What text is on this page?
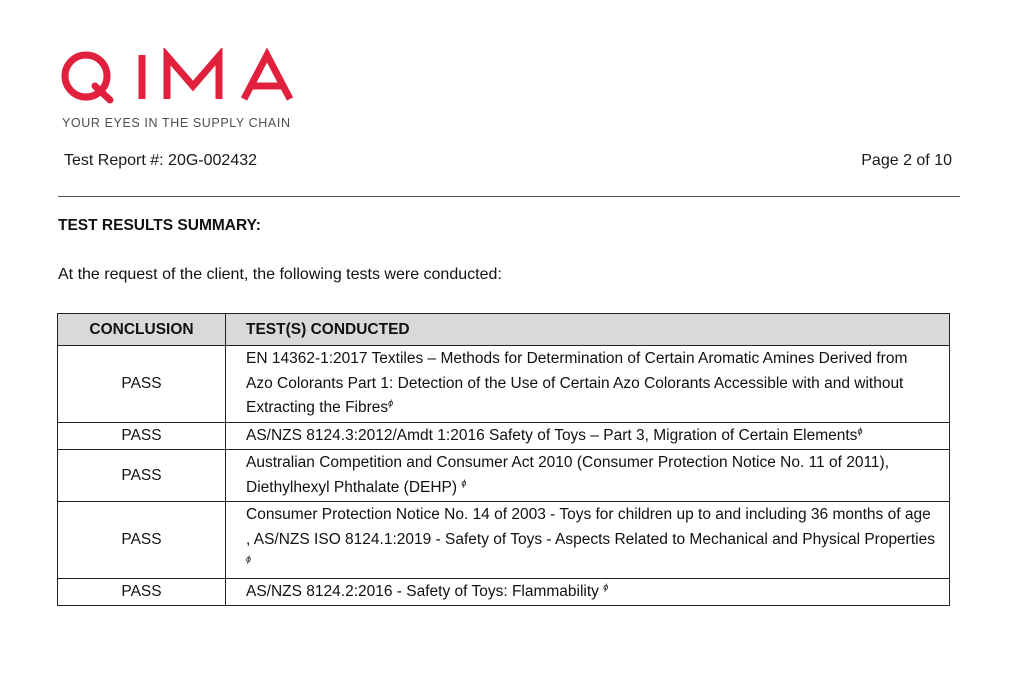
YOUR EYES IN THE SUPPLY CHAIN
Test Report #: 20G-002432	Page 2 of 10
TEST RESULTS SUMMARY:
At the request of the client, the following tests were conducted:
CONCLUSION	TEST(S) CONDUCTED
PASS	EN 14362-1:2017 Textiles – Methods for Determination of Certain Aromatic Amines Derived from Azo Colorants Part 1: Detection of the Use of Certain Azo Colorants Accessible with and without Extracting the Fibres$^\phi$
PASS	AS/NZS 8124.3:2012/Amdt 1:2016 Safety of Toys – Part 3, Migration of Certain Elements$^\phi$
PASS	Australian Competition and Consumer Act 2010 (Consumer Protection Notice No. 11 of 2011), Diethylhexyl Phthalate (DEHP) $^\phi$
PASS	Consumer Protection Notice No. 14 of 2003 - Toys for children up to and including 36 months of age , AS/NZS ISO 8124.1:2019 - Safety of Toys - Aspects Related to Mechanical and Physical Properties $^\phi$
PASS	AS/NZS 8124.2:2016 - Safety of Toys: Flammability $^\phi$
